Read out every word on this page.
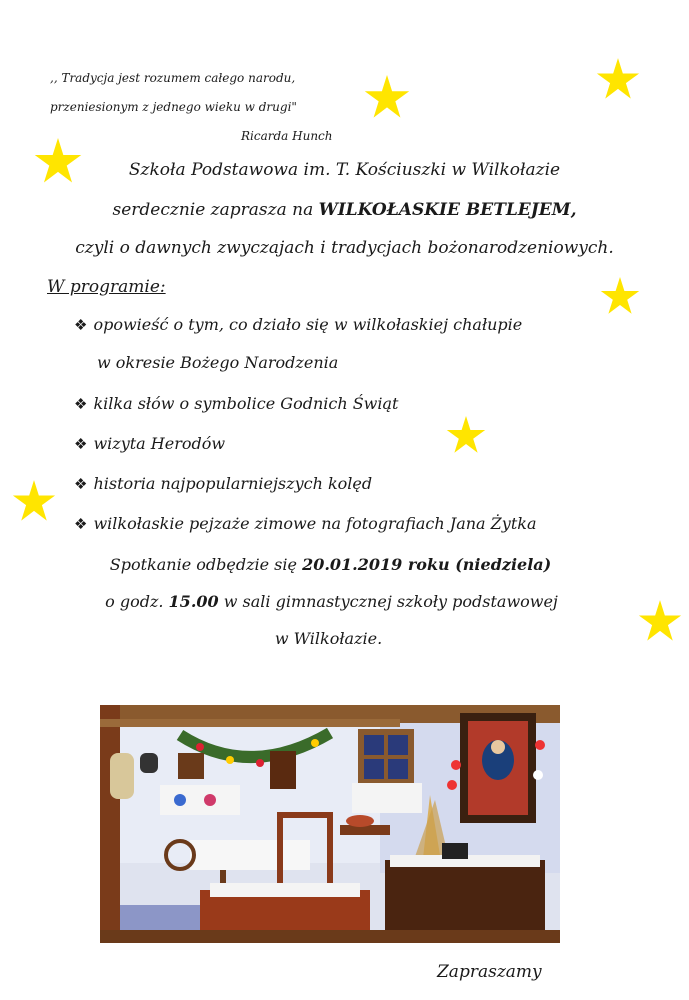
,, Tradycja jest rozumem całego narodu,
przeniesionym z jednego wieku w drugi"
Ricarda Hunch
Szkoła Podstawowa im. T. Kościuszki w Wilkołazie
serdecznie zaprasza na WILKOŁASKIE BETLEJEM,
czyli o dawnych zwyczajach i tradycjach bożonarodzeniowych.
W programie:
❖ opowieść o tym, co działo się w wilkołaskiej chałupie
w okresie Bożego Narodzenia
❖ kilka słów o symbolice Godnich Świąt
❖ wizyta Herodów
❖ historia najpopularniejszych kolęd
❖ wilkołaskie pejzaże zimowe na fotografiach Jana Żytka
Spotkanie odbędzie się 20.01.2019 roku (niedziela)
o godz. 15.00 w sali gimnastycznej szkoły podstawowej
w Wilkołazie.
Zapraszamy
